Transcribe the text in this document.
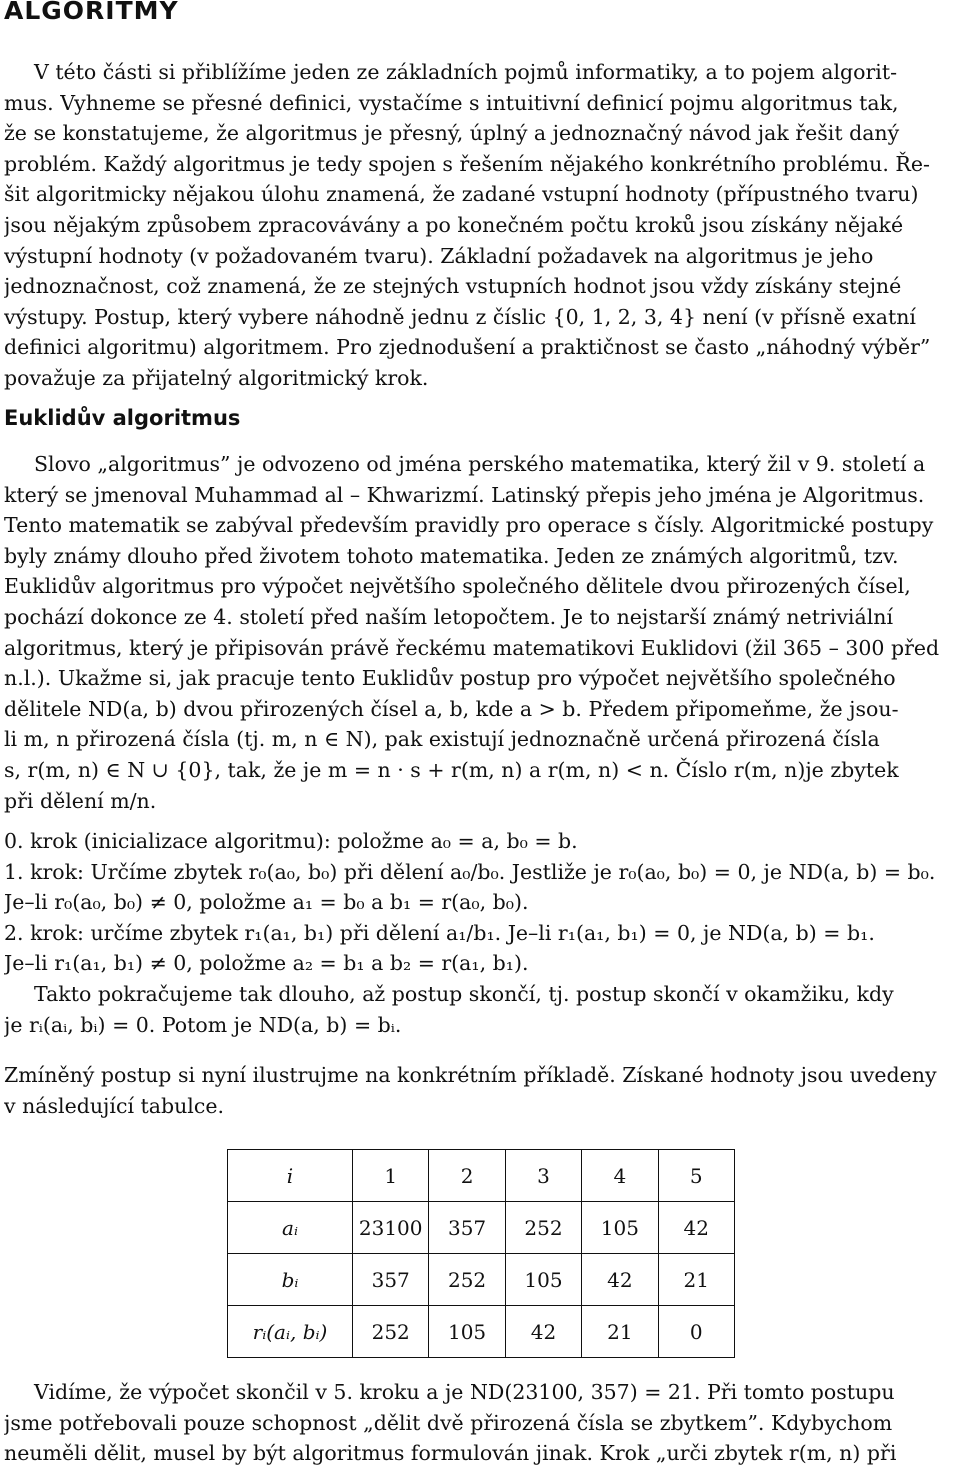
ALGORITMY
V této části si přiblížíme jeden ze základních pojmů informatiky, a to pojem algorit-
mus. Vyhneme se přesné definici, vystačíme s intuitivní definicí pojmu algoritmus tak,
že se konstatujeme, že algoritmus je přesný, úplný a jednoznačný návod jak řešit daný
problém. Každý algoritmus je tedy spojen s řešením nějakého konkrétního problému. Ře-
šit algoritmicky nějakou úlohu znamená, že zadané vstupní hodnoty (přípustného tvaru)
jsou nějakým způsobem zpracovávány a po konečném počtu kroků jsou získány nějaké
výstupní hodnoty (v požadovaném tvaru). Základní požadavek na algoritmus je jeho
jednoznačnost, což znamená, že ze stejných vstupních hodnot jsou vždy získány stejné
výstupy. Postup, který vybere náhodně jednu z číslic {0, 1, 2, 3, 4} není (v přísně exatní
definici algoritmu) algoritmem. Pro zjednodušení a praktičnost se často „náhodný výběr”
považuje za přijatelný algoritmický krok.
Euklidův algoritmus
Slovo „algoritmus” je odvozeno od jména perského matematika, který žil v 9. století a
který se jmenoval Muhammad al – Khwarizmí. Latinský přepis jeho jména je Algoritmus.
Tento matematik se zabýval především pravidly pro operace s čísly. Algoritmické postupy
byly známy dlouho před životem tohoto matematika. Jeden ze známých algoritmů, tzv.
Euklidův algoritmus pro výpočet největšího společného dělitele dvou přirozených čísel,
pochází dokonce ze 4. století před naším letopočtem. Je to nejstarší známý netriviální
algoritmus, který je připisován právě řeckému matematikovi Euklidovi (žil 365 – 300 před
n.l.). Ukažme si, jak pracuje tento Euklidův postup pro výpočet největšího společného
dělitele ND(a, b) dvou přirozených čísel a, b, kde a > b. Předem připomeňme, že jsou-
li m, n přirozená čísla (tj. m, n ∈ N), pak existují jednoznačně určená přirozená čísla
s, r(m, n) ∈ N ∪ {0}, tak, že je m = n · s + r(m, n) a r(m, n) < n. Číslo r(m, n)je zbytek
při dělení m/n.
0. krok (inicializace algoritmu): položme a₀ = a, b₀ = b.
1. krok: Určíme zbytek r₀(a₀, b₀) při dělení a₀/b₀. Jestliže je r₀(a₀, b₀) = 0, je ND(a, b) = b₀.
Je–li r₀(a₀, b₀) ≠ 0, položme a₁ = b₀ a b₁ = r(a₀, b₀).
2. krok: určíme zbytek r₁(a₁, b₁) při dělení a₁/b₁. Je–li r₁(a₁, b₁) = 0, je ND(a, b) = b₁.
Je–li r₁(a₁, b₁) ≠ 0, položme a₂ = b₁ a b₂ = r(a₁, b₁).
Takto pokračujeme tak dlouho, až postup skončí, tj. postup skončí v okamžiku, kdy
je rᵢ(aᵢ, bᵢ) = 0. Potom je ND(a, b) = bᵢ.
Zmíněný postup si nyní ilustrujme na konkrétním příkladě. Získané hodnoty jsou uvedeny
v následující tabulce.
i	1	2	3	4	5
aᵢ	23100	357	252	105	42
bᵢ	357	252	105	42	21
rᵢ(aᵢ, bᵢ)	252	105	42	21	0
Vidíme, že výpočet skončil v 5. kroku a je ND(23100, 357) = 21. Při tomto postupu
jsme potřebovali pouze schopnost „dělit dvě přirozená čísla se zbytkem”. Kdybychom
neuměli dělit, musel by být algoritmus formulován jinak. Krok „urči zbytek r(m, n) při
